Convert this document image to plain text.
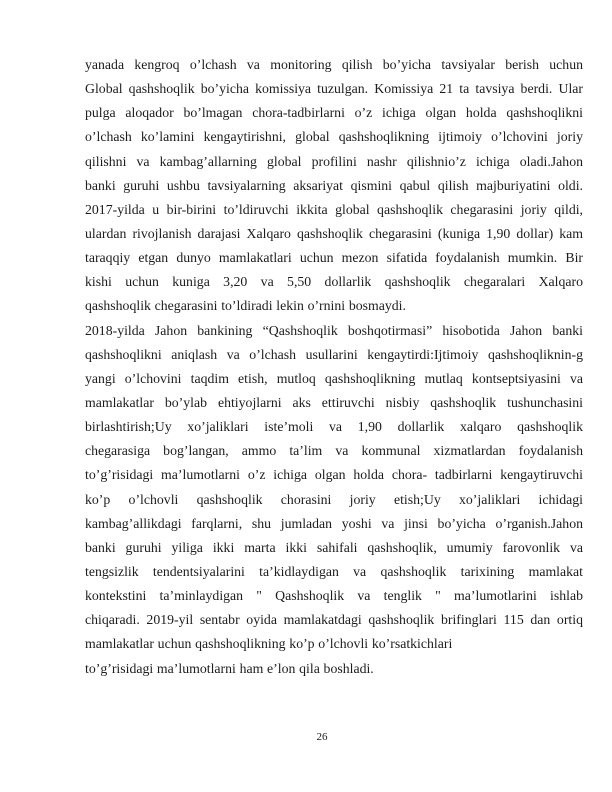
yanada kengroq o’lchash va monitoring qilish bo’yicha tavsiyalar berish uchun
Global qashshoqlik bo’yicha komissiya tuzulgan. Komissiya 21 ta tavsiya berdi. Ular
pulga aloqador bo’lmagan chora-tadbirlarni o’z ichiga olgan holda qashshoqlikni
o’lchash ko’lamini kengaytirishni, global qashshoqlikning ijtimoiy o’lchovini joriy
qilishni va kambag’allarning global profilini nashr qilishnio’z ichiga oladi.Jahon
banki guruhi ushbu tavsiyalarning aksariyat qismini qabul qilish majburiyatini oldi.
2017-yilda u bir-birini to’ldiruvchi ikkita global qashshoqlik chegarasini joriy qildi,
ulardan rivojlanish darajasi Xalqaro qashshoqlik chegarasini (kuniga 1,90 dollar) kam
taraqqiy etgan dunyo mamlakatlari uchun mezon sifatida foydalanish mumkin. Bir
kishi uchun kuniga 3,20 va 5,50 dollarlik qashshoqlik chegaralari Xalqaro
qashshoqlik chegarasini to’ldiradi lekin o’rnini bosmaydi.
2018-yilda Jahon bankining “Qashshoqlik boshqotirmasi” hisobotida Jahon banki
qashshoqlikni aniqlash va o’lchash usullarini kengaytirdi:Ijtimoiy qashshoqliknin-g
yangi o’lchovini taqdim etish, mutloq qashshoqlikning mutlaq kontseptsiyasini va
mamlakatlar bo’ylab ehtiyojlarni aks ettiruvchi nisbiy qashshoqlik tushunchasini
birlashtirish;Uy xo’jaliklari iste’moli va 1,90 dollarlik xalqaro qashshoqlik
chegarasiga bog’langan, ammo ta’lim va kommunal xizmatlardan foydalanish
to’g’risidagi ma’lumotlarni o’z ichiga olgan holda chora- tadbirlarni kengaytiruvchi
ko’p o’lchovli qashshoqlik chorasini joriy etish;Uy xo’jaliklari ichidagi
kambag’allikdagi farqlarni, shu jumladan yoshi va jinsi bo’yicha o’rganish.Jahon
banki guruhi yiliga ikki marta ikki sahifali qashshoqlik, umumiy farovonlik va
tengsizlik tendentsiyalarini ta’kidlaydigan va qashshoqlik tarixining mamlakat
kontekstini ta’minlaydigan " Qashshoqlik va tenglik " ma’lumotlarini ishlab
chiqaradi. 2019-yil sentabr oyida mamlakatdagi qashshoqlik brifinglari 115 dan ortiq
mamlakatlar uchun qashshoqlikning ko’p o’lchovli ko’rsatkichlari
to’g’risidagi ma’lumotlarni ham e’lon qila boshladi.
26
